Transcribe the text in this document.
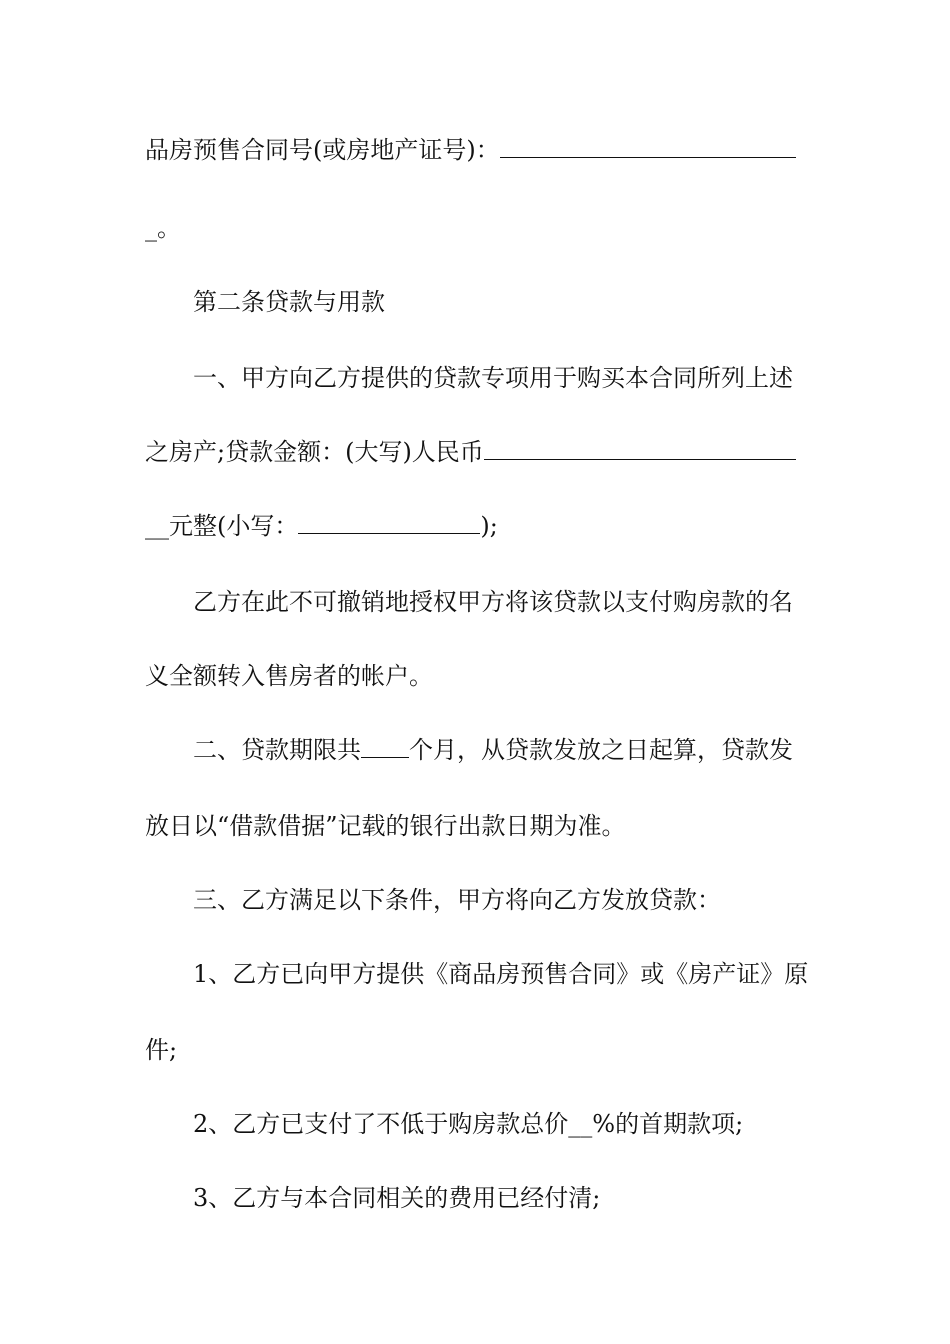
品房预售合同号(或房地产证号)：
_。
第二条贷款与用款
一、甲方向乙方提供的贷款专项用于购买本合同所列上述
之房产;贷款金额：(大写)人民币
__元整(小写：	);
乙方在此不可撤销地授权甲方将该贷款以支付购房款的名
义全额转入售房者的帐户。
二、贷款期限共 个月，从贷款发放之日起算，贷款发
放日以“借款借据”记载的银行出款日期为准。
三、乙方满足以下条件，甲方将向乙方发放贷款：
1、乙方已向甲方提供《商品房预售合同》或《房产证》原
件;
2、乙方已支付了不低于购房款总价__%的首期款项;
3、乙方与本合同相关的费用已经付清;
